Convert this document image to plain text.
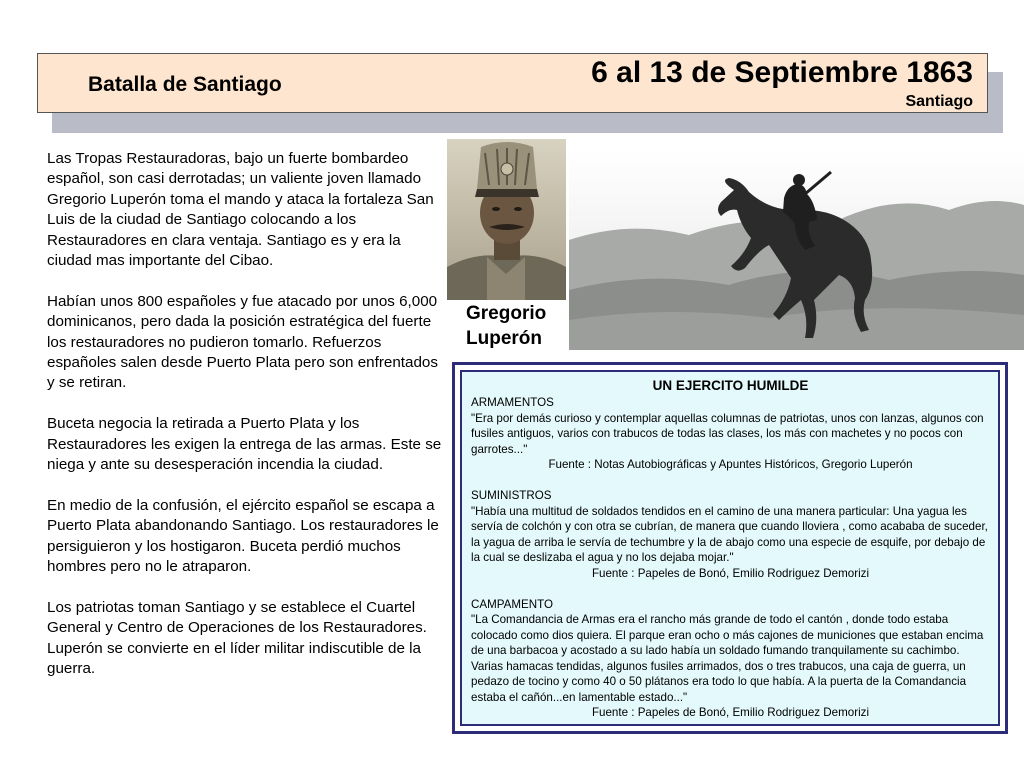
Batalla de Santiago	6 al 13 de Septiembre 1863
Santiago

Las Tropas Restauradoras, bajo un fuerte bombardeo español, son casi derrotadas; un valiente joven llamado Gregorio Luperón toma el mando y ataca la fortaleza San Luis de la ciudad de Santiago colocando a los Restauradores en clara ventaja. Santiago es y era la ciudad mas importante del Cibao.

Habían unos 800 españoles y fue atacado por unos 6,000 dominicanos, pero dada la posición estratégica del fuerte los restauradores no pudieron tomarlo. Refuerzos españoles salen desde Puerto Plata pero son enfrentados y se retiran.

Buceta negocia la retirada a Puerto Plata y los Restauradores les exigen la entrega de las armas. Este se niega y ante su desesperación incendia la ciudad.

En medio de la confusión, el ejército español se escapa a Puerto Plata abandonando Santiago. Los restauradores le persiguieron y los hostigaron. Buceta perdió muchos hombres pero no le atraparon.

Los patriotas toman Santiago y se establece el Cuartel General y Centro de Operaciones de los Restauradores. Luperón se convierte en el líder militar indiscutible de la guerra.

Gregorio
Luperón
UN EJERCITO HUMILDE
ARMAMENTOS
"Era por demás curioso y contemplar aquellas columnas de patriotas, unos con lanzas, algunos con fusiles antiguos, varios con trabucos de todas las clases, los más con machetes y no pocos con garrotes..."
Fuente : Notas Autobiográficas y Apuntes Históricos, Gregorio Luperón
SUMINISTROS
"Había una multitud de soldados tendidos en el camino de una manera particular: Una yagua les servía de colchón y con otra se cubrían, de manera que cuando lloviera , como acababa de suceder, la yagua de arriba le servía de techumbre y la de abajo como una especie de esquife, por debajo de la cual se deslizaba el agua y no los dejaba mojar."
Fuente : Papeles de Bonó, Emilio Rodriguez Demorizi
CAMPAMENTO
"La Comandancia de Armas era el rancho más grande de todo el cantón , donde todo estaba colocado como dios quiera. El parque eran ocho o más cajones de municiones que estaban encima de una barbacoa y acostado a su lado había un soldado fumando tranquilamente su cachimbo. Varias hamacas tendidas, algunos fusiles arrimados, dos o tres trabucos, una caja de guerra, un pedazo de tocino y como 40 o 50 plátanos era todo lo que había. A la puerta de la Comandancia estaba el cañón...en lamentable estado..."
Fuente : Papeles de Bonó, Emilio Rodriguez Demorizi
